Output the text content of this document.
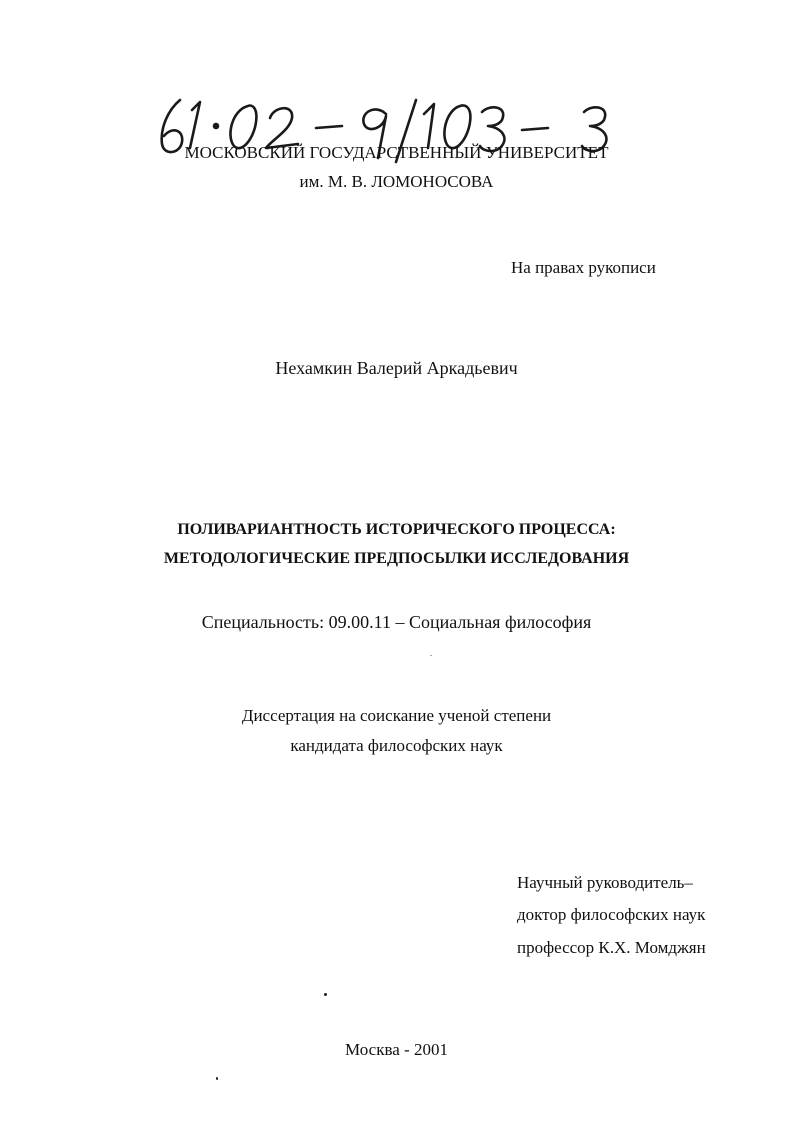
МОСКОВСКИЙ ГОСУДАРСТВЕННЫЙ УНИВЕРСИТЕТ
им. М. В. ЛОМОНОСОВА
На правах рукописи
Нехамкин Валерий Аркадьевич
ПОЛИВАРИАНТНОСТЬ ИСТОРИЧЕСКОГО ПРОЦЕССА:
МЕТОДОЛОГИЧЕСКИЕ ПРЕДПОСЫЛКИ ИССЛЕДОВАНИЯ
Специальность: 09.00.11 – Социальная философия
Диссертация на соискание ученой степени
кандидата философских наук
Научный руководитель–
доктор философских наук
профессор К.Х. Момджян
Москва - 2001
